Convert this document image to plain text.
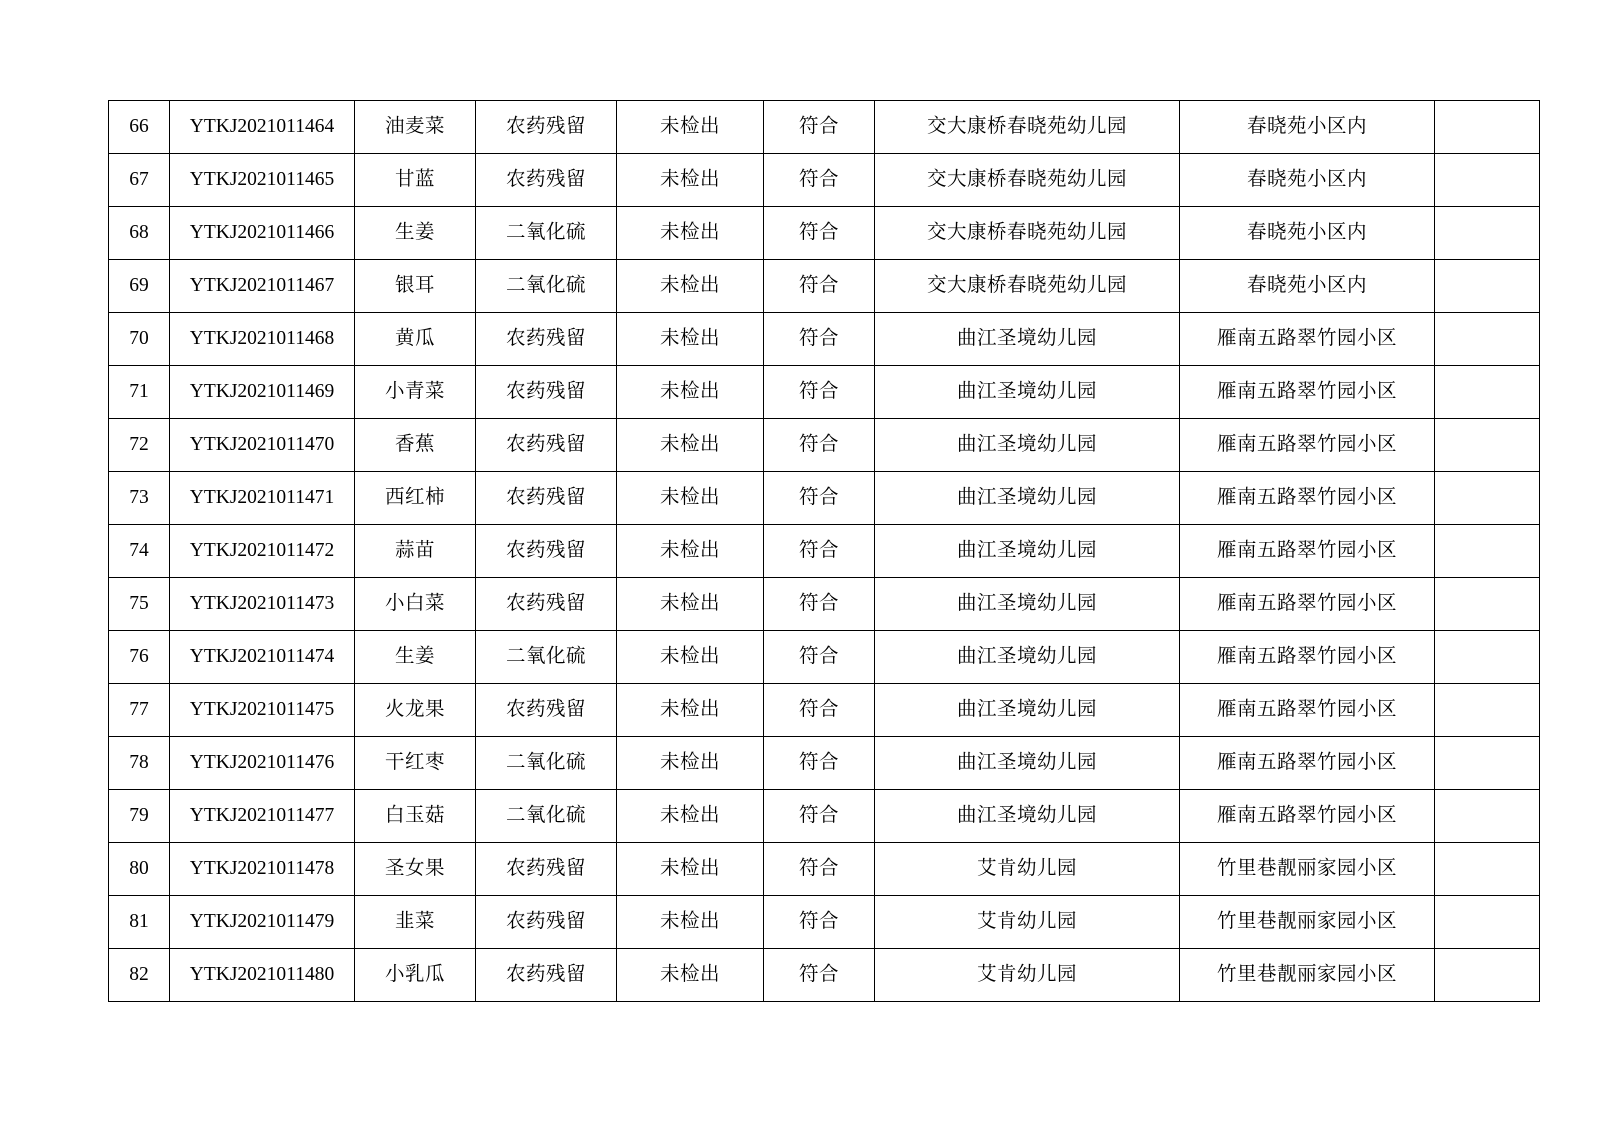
66	YTKJ2021011464	油麦菜	农药残留	未检出	符合	交大康桥春晓苑幼儿园	春晓苑小区内	
67	YTKJ2021011465	甘蓝	农药残留	未检出	符合	交大康桥春晓苑幼儿园	春晓苑小区内	
68	YTKJ2021011466	生姜	二氧化硫	未检出	符合	交大康桥春晓苑幼儿园	春晓苑小区内	
69	YTKJ2021011467	银耳	二氧化硫	未检出	符合	交大康桥春晓苑幼儿园	春晓苑小区内	
70	YTKJ2021011468	黄瓜	农药残留	未检出	符合	曲江圣境幼儿园	雁南五路翠竹园小区	
71	YTKJ2021011469	小青菜	农药残留	未检出	符合	曲江圣境幼儿园	雁南五路翠竹园小区	
72	YTKJ2021011470	香蕉	农药残留	未检出	符合	曲江圣境幼儿园	雁南五路翠竹园小区	
73	YTKJ2021011471	西红柿	农药残留	未检出	符合	曲江圣境幼儿园	雁南五路翠竹园小区	
74	YTKJ2021011472	蒜苗	农药残留	未检出	符合	曲江圣境幼儿园	雁南五路翠竹园小区	
75	YTKJ2021011473	小白菜	农药残留	未检出	符合	曲江圣境幼儿园	雁南五路翠竹园小区	
76	YTKJ2021011474	生姜	二氧化硫	未检出	符合	曲江圣境幼儿园	雁南五路翠竹园小区	
77	YTKJ2021011475	火龙果	农药残留	未检出	符合	曲江圣境幼儿园	雁南五路翠竹园小区	
78	YTKJ2021011476	干红枣	二氧化硫	未检出	符合	曲江圣境幼儿园	雁南五路翠竹园小区	
79	YTKJ2021011477	白玉菇	二氧化硫	未检出	符合	曲江圣境幼儿园	雁南五路翠竹园小区	
80	YTKJ2021011478	圣女果	农药残留	未检出	符合	艾肯幼儿园	竹里巷靓丽家园小区	
81	YTKJ2021011479	韭菜	农药残留	未检出	符合	艾肯幼儿园	竹里巷靓丽家园小区	
82	YTKJ2021011480	小乳瓜	农药残留	未检出	符合	艾肯幼儿园	竹里巷靓丽家园小区	
